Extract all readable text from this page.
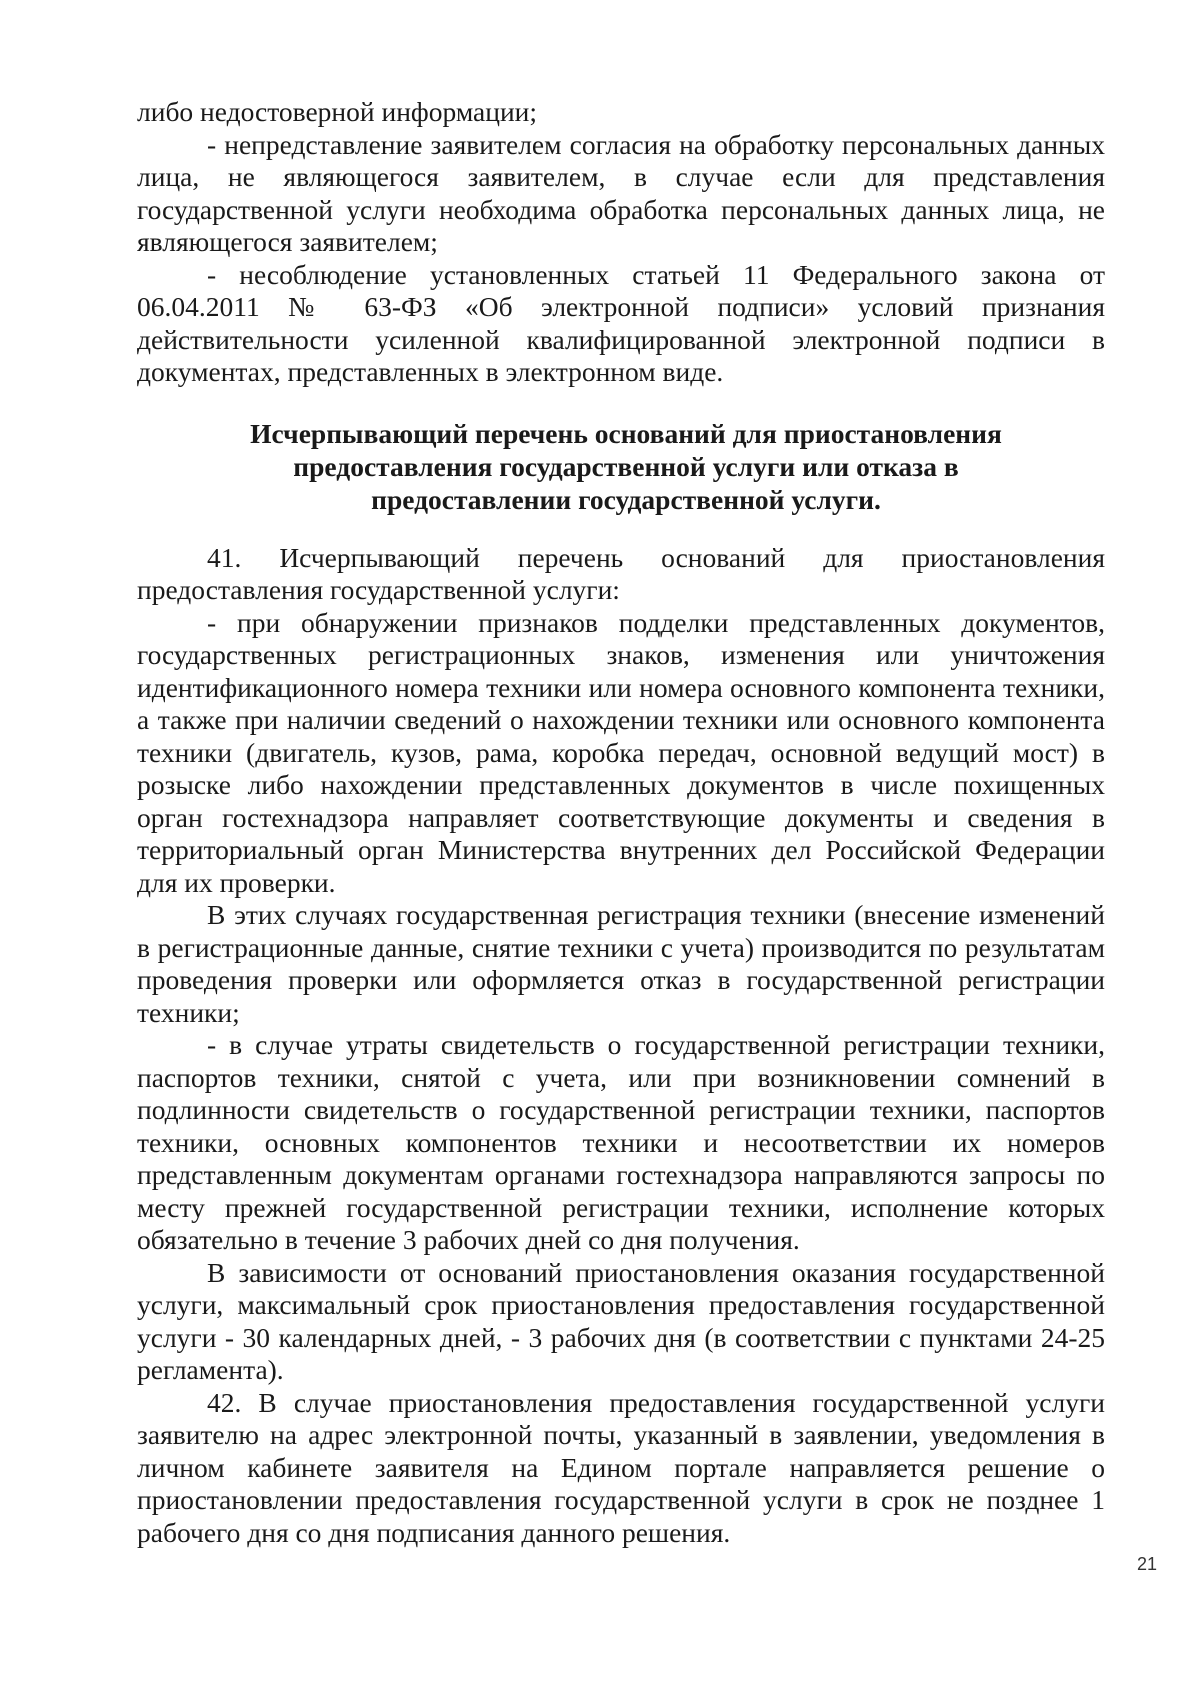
либо недостоверной информации;

- непредставление заявителем согласия на обработку персональных данных лица, не являющегося заявителем, в случае если для представления государственной услуги необходима обработка персональных данных лица, не являющегося заявителем;

- несоблюдение установленных статьей 11 Федерального закона от 06.04.2011 № 63-ФЗ «Об электронной подписи» условий признания действительности усиленной квалифицированной электронной подписи в документах, представленных в электронном виде.

Исчерпывающий перечень оснований для приостановления предоставления государственной услуги или отказа в предоставлении государственной услуги.

41. Исчерпывающий перечень оснований для приостановления предоставления государственной услуги:

- при обнаружении признаков подделки представленных документов, государственных регистрационных знаков, изменения или уничтожения идентификационного номера техники или номера основного компонента техники, а также при наличии сведений о нахождении техники или основного компонента техники (двигатель, кузов, рама, коробка передач, основной ведущий мост) в розыске либо нахождении представленных документов в числе похищенных орган гостехнадзора направляет соответствующие документы и сведения в территориальный орган Министерства внутренних дел Российской Федерации для их проверки.

В этих случаях государственная регистрация техники (внесение изменений в регистрационные данные, снятие техники с учета) производится по результатам проведения проверки или оформляется отказ в государственной регистрации техники;

- в случае утраты свидетельств о государственной регистрации техники, паспортов техники, снятой с учета, или при возникновении сомнений в подлинности свидетельств о государственной регистрации техники, паспортов техники, основных компонентов техники и несоответствии их номеров представленным документам органами гостехнадзора направляются запросы по месту прежней государственной регистрации техники, исполнение которых обязательно в течение 3 рабочих дней со дня получения.

В зависимости от оснований приостановления оказания государственной услуги, максимальный срок приостановления предоставления государственной услуги - 30 календарных дней, - 3 рабочих дня (в соответствии с пунктами 24-25 регламента).

42. В случае приостановления предоставления государственной услуги заявителю на адрес электронной почты, указанный в заявлении, уведомления в личном кабинете заявителя на Едином портале направляется решение о приостановлении предоставления государственной услуги в срок не позднее 1 рабочего дня со дня подписания данного решения.

21
